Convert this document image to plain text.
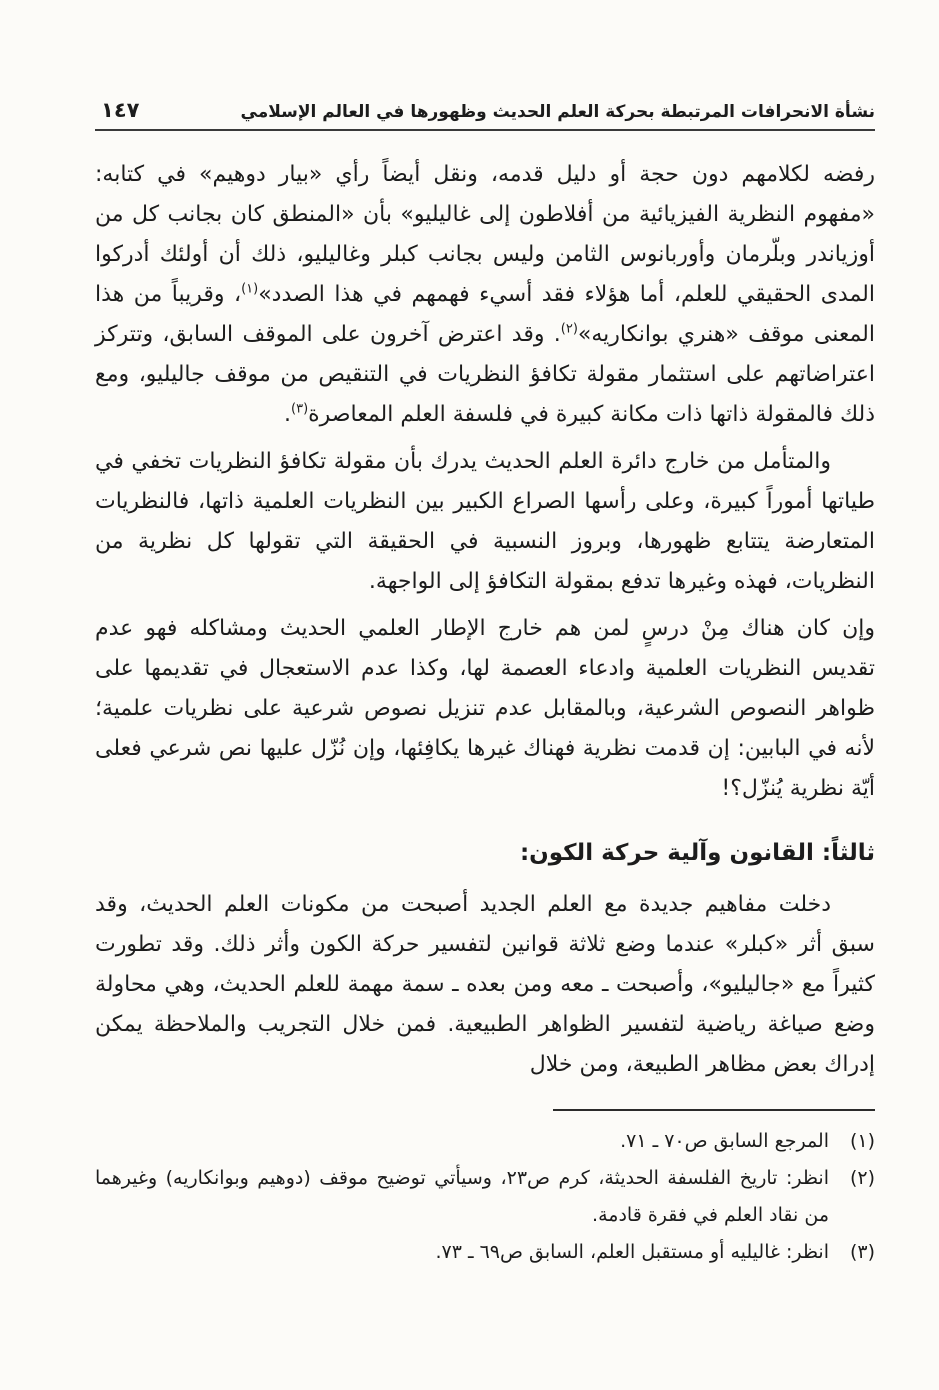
نشأة الانحرافات المرتبطة بحركة العلم الحديث وظهورها في العالم الإسلامي
١٤٧

رفضه لكلامهم دون حجة أو دليل قدمه، ونقل أيضاً رأي «بيار دوهيم» في كتابه: «مفهوم النظرية الفيزيائية من أفلاطون إلى غاليليو» بأن «المنطق كان بجانب كل من أوزياندر وبلّرمان وأوربانوس الثامن وليس بجانب كبلر وغاليليو، ذلك أن أولئك أدركوا المدى الحقيقي للعلم، أما هؤلاء فقد أسيء فهمهم في هذا الصدد»$^{(١)}$، وقريباً من هذا المعنى موقف «هنري بوانكاريه»$^{(٢)}$. وقد اعترض آخرون على الموقف السابق، وتتركز اعتراضاتهم على استثمار مقولة تكافؤ النظريات في التنقيص من موقف جاليليو، ومع ذلك فالمقولة ذاتها ذات مكانة كبيرة في فلسفة العلم المعاصرة$^{(٣)}$.

والمتأمل من خارج دائرة العلم الحديث يدرك بأن مقولة تكافؤ النظريات تخفي في طياتها أموراً كبيرة، وعلى رأسها الصراع الكبير بين النظريات العلمية ذاتها، فالنظريات المتعارضة يتتابع ظهورها، وبروز النسبية في الحقيقة التي تقولها كل نظرية من النظريات، فهذه وغيرها تدفع بمقولة التكافؤ إلى الواجهة.

وإن كان هناك مِنْ درسٍ لمن هم خارج الإطار العلمي الحديث ومشاكله فهو عدم تقديس النظريات العلمية وادعاء العصمة لها، وكذا عدم الاستعجال في تقديمها على ظواهر النصوص الشرعية، وبالمقابل عدم تنزيل نصوص شرعية على نظريات علمية؛ لأنه في البابين: إن قدمت نظرية فهناك غيرها يكافِئها، وإن نُزّل عليها نص شرعي فعلى أيّة نظرية يُنزّل؟!

ثالثاً: القانون وآلية حركة الكون:

دخلت مفاهيم جديدة مع العلم الجديد أصبحت من مكونات العلم الحديث، وقد سبق أثر «كبلر» عندما وضع ثلاثة قوانين لتفسير حركة الكون وأثر ذلك. وقد تطورت كثيراً مع «جاليليو»، وأصبحت ـ معه ومن بعده ـ سمة مهمة للعلم الحديث، وهي محاولة وضع صياغة رياضية لتفسير الظواهر الطبيعية. فمن خلال التجريب والملاحظة يمكن إدراك بعض مظاهر الطبيعة، ومن خلال

(١)
المرجع السابق ص٧٠ ـ ٧١.
(٢)
انظر: تاريخ الفلسفة الحديثة، كرم ص٢٣، وسيأتي توضيح موقف (دوهيم وبوانكاريه) وغيرهما من نقاد العلم في فقرة قادمة.
(٣)
انظر: غاليليه أو مستقبل العلم، السابق ص٦٩ ـ ٧٣.
